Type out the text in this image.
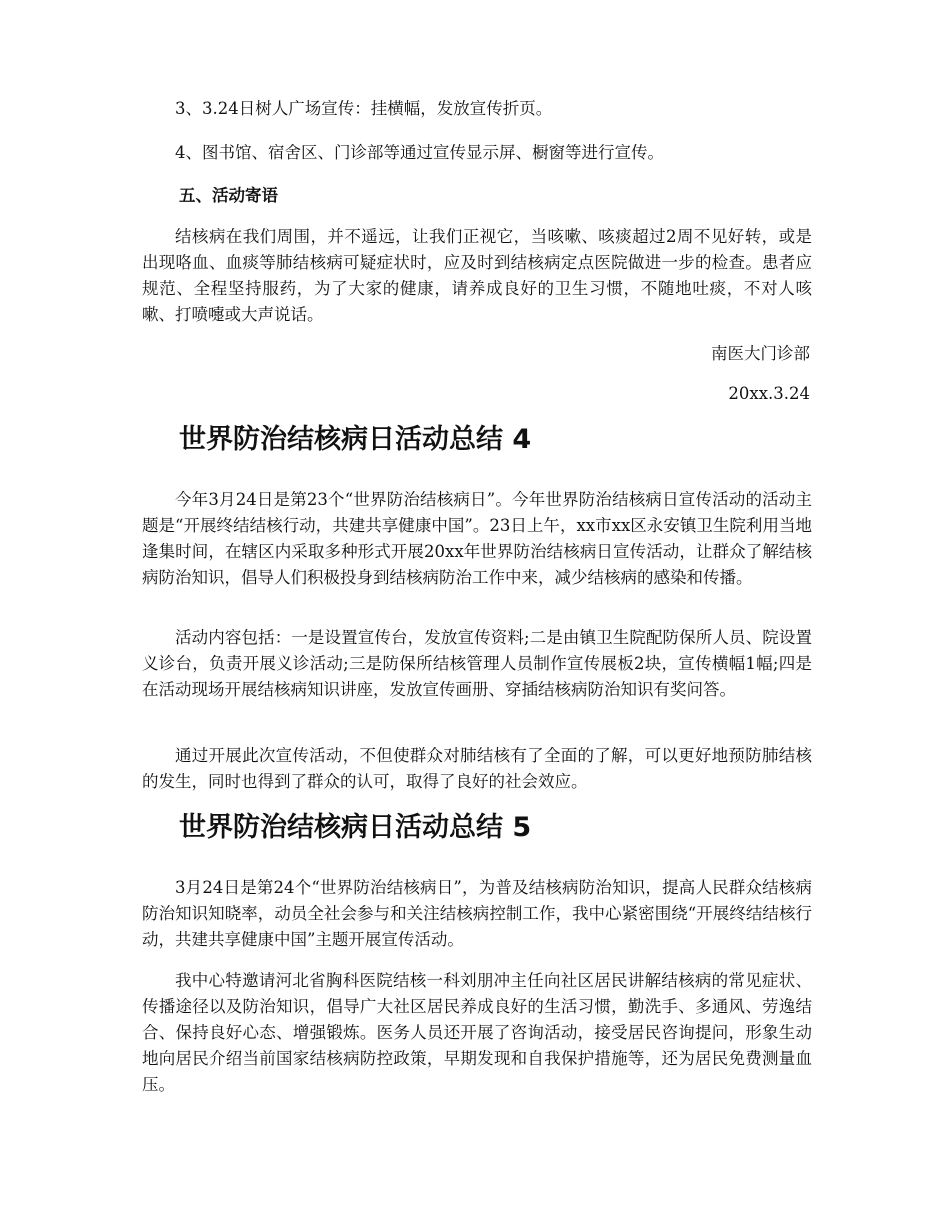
3、3.24日树人广场宣传：挂横幅，发放宣传折页。

4、图书馆、宿舍区、门诊部等通过宣传显示屏、橱窗等进行宣传。

五、活动寄语

结核病在我们周围，并不遥远，让我们正视它，当咳嗽、咳痰超过2周不见好转，或是出现咯血、血痰等肺结核病可疑症状时，应及时到结核病定点医院做进一步的检查。患者应规范、全程坚持服药，为了大家的健康，请养成良好的卫生习惯，不随地吐痰，不对人咳嗽、打喷嚏或大声说话。

南医大门诊部

20xx.3.24

世界防治结核病日活动总结 4

今年3月24日是第23个“世界防治结核病日”。今年世界防治结核病日宣传活动的活动主题是“开展终结结核行动，共建共享健康中国”。23日上午，xx市xx区永安镇卫生院利用当地逢集时间，在辖区内采取多种形式开展20xx年世界防治结核病日宣传活动，让群众了解结核病防治知识，倡导人们积极投身到结核病防治工作中来，减少结核病的感染和传播。

活动内容包括：一是设置宣传台，发放宣传资料;二是由镇卫生院配防保所人员、院设置义诊台，负责开展义诊活动;三是防保所结核管理人员制作宣传展板2块，宣传横幅1幅;四是在活动现场开展结核病知识讲座，发放宣传画册、穿插结核病防治知识有奖问答。

通过开展此次宣传活动，不但使群众对肺结核有了全面的了解，可以更好地预防肺结核的发生，同时也得到了群众的认可，取得了良好的社会效应。

世界防治结核病日活动总结 5

3月24日是第24个“世界防治结核病日”，为普及结核病防治知识，提高人民群众结核病防治知识知晓率，动员全社会参与和关注结核病控制工作，我中心紧密围绕“开展终结结核行动，共建共享健康中国”主题开展宣传活动。

我中心特邀请河北省胸科医院结核一科刘朋冲主任向社区居民讲解结核病的常见症状、传播途径以及防治知识，倡导广大社区居民养成良好的生活习惯，勤洗手、多通风、劳逸结合、保持良好心态、增强锻炼。医务人员还开展了咨询活动，接受居民咨询提问，形象生动地向居民介绍当前国家结核病防控政策，早期发现和自我保护措施等，还为居民免费测量血压。
